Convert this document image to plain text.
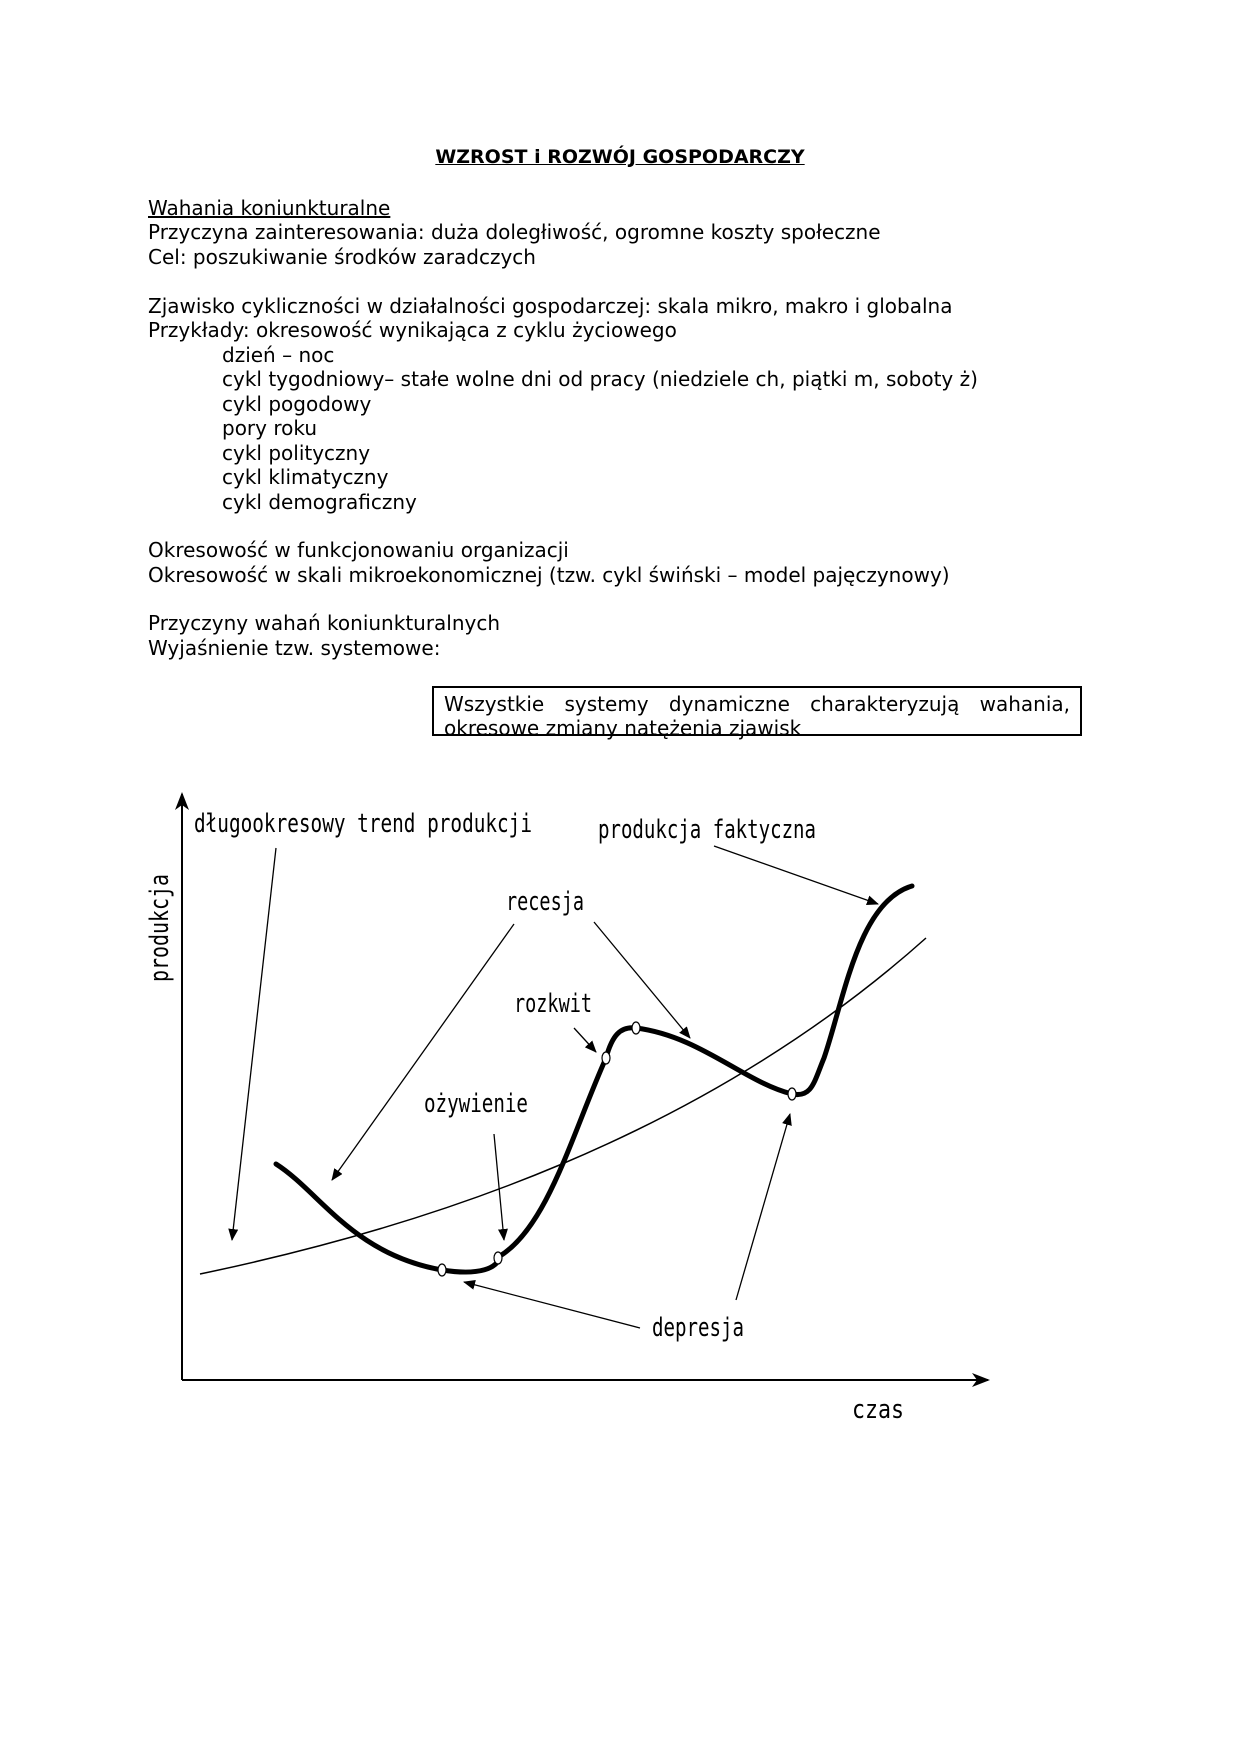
WZROST i ROZWÓJ GOSPODARCZY
Wahania koniunkturalne
Przyczyna zainteresowania: duża doległiwość, ogromne koszty społeczne
Cel: poszukiwanie środków zaradczych
Zjawisko cykliczności w działalności gospodarczej: skala mikro, makro i globalna
Przykłady: okresowość wynikająca z cyklu życiowego
dzień – noc
cykl tygodniowy– stałe wolne dni od pracy (niedziele ch, piątki m, soboty ż)
cykl pogodowy
pory roku
cykl polityczny
cykl klimatyczny
cykl demograficzny
Okresowość w funkcjonowaniu organizacji
Okresowość w skali mikroekonomicznej (tzw. cykl świński – model pajęczynowy)
Przyczyny wahań koniunkturalnych
Wyjaśnienie tzw. systemowe:
Wszystkie systemy dynamiczne charakteryzują wahania,
okresowe zmiany natężenia zjawisk
długookresowy trend produkcji	produkcja faktyczna
recesja
rozkwit
ożywienie
depresja
czas
produkcja
